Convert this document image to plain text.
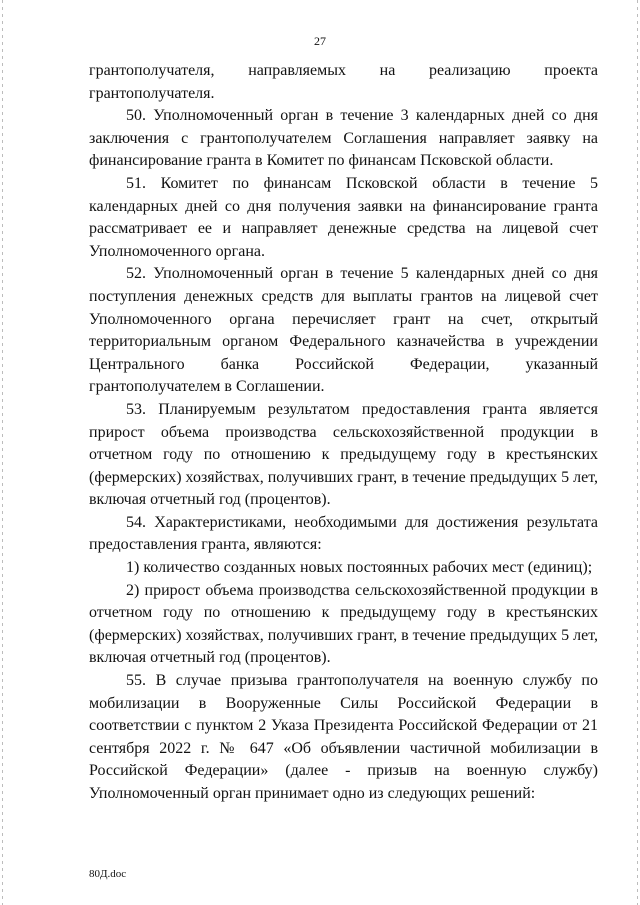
27

грантополучателя, направляемых на реализацию проекта грантополучателя.

50. Уполномоченный орган в течение 3 календарных дней со дня заключения с грантополучателем Соглашения направляет заявку на финансирование гранта в Комитет по финансам Псковской области.

51. Комитет по финансам Псковской области в течение 5 календарных дней со дня получения заявки на финансирование гранта рассматривает ее и направляет денежные средства на лицевой счет Уполномоченного органа.

52. Уполномоченный орган в течение 5 календарных дней со дня поступления денежных средств для выплаты грантов на лицевой счет Уполномоченного органа перечисляет грант на счет, открытый территориальным органом Федерального казначейства в учреждении Центрального банка Российской Федерации, указанный грантополучателем в Соглашении.

53. Планируемым результатом предоставления гранта является прирост объема производства сельскохозяйственной продукции в отчетном году по отношению к предыдущему году в крестьянских (фермерских) хозяйствах, получивших грант, в течение предыдущих 5 лет, включая отчетный год (процентов).

54. Характеристиками, необходимыми для достижения результата предоставления гранта, являются:

1) количество созданных новых постоянных рабочих мест (единиц);

2) прирост объема производства сельскохозяйственной продукции в отчетном году по отношению к предыдущему году в крестьянских (фермерских) хозяйствах, получивших грант, в течение предыдущих 5 лет, включая отчетный год (процентов).

55. В случае призыва грантополучателя на военную службу по мобилизации в Вооруженные Силы Российской Федерации в соответствии с пунктом 2 Указа Президента Российской Федерации от 21 сентября 2022 г. № 647 «Об объявлении частичной мобилизации в Российской Федерации» (далее - призыв на военную службу) Уполномоченный орган принимает одно из следующих решений:

80Д.doc
